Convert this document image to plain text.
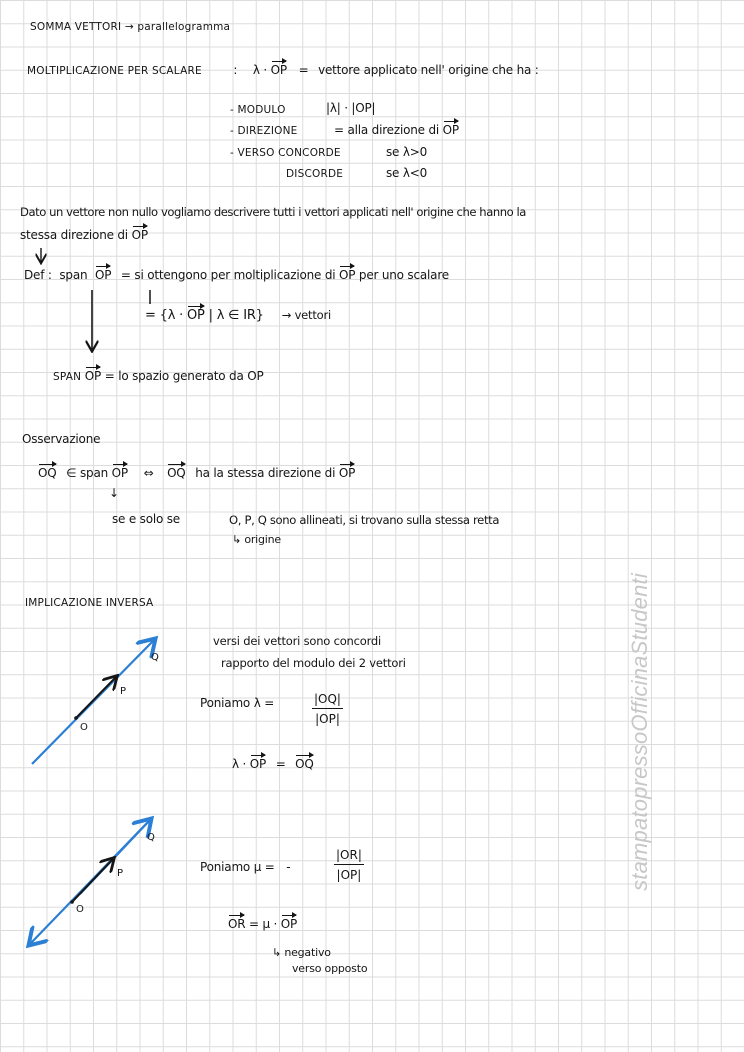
SOMMA VETTORI → parallelogramma
MOLTIPLICAZIONE PER SCALARE	: λ · OP = vettore applicato nell' origine che ha :
- MODULO	|λ| · |OP|
- DIREZIONE	= alla direzione di OP
- VERSO CONCORDE	se λ>0
DISCORDE	se λ<0
Dato un vettore non nullo vogliamo descrivere tutti i vettori applicati nell' origine che hanno la
stessa direzione di OP
Def : span OP = si ottengono per moltiplicazione di OP per uno scalare
= {λ · OP | λ ∈ IR} → vettori
SPAN OP = lo spazio generato da OP
Osservazione
OQ ∈ span OP ⇔ OQ ha la stessa direzione di OP
↓
se e solo se	O, P, Q sono allineati, si trovano sulla stessa retta
↳ origine
IMPLICAZIONE INVERSA
versi dei vettori sono concordi
rapporto del modulo dei 2 vettori
Poniamo λ =	$\frac{|OQ|}{|OP|}$
λ · OP = OQ
Poniamo μ = -	$\frac{|OR|}{|OP|}$
OR = μ · OP
↳ negativo
verso opposto
O
P
Q
O
P
Q	stampatopressoOfficinaStudenti
